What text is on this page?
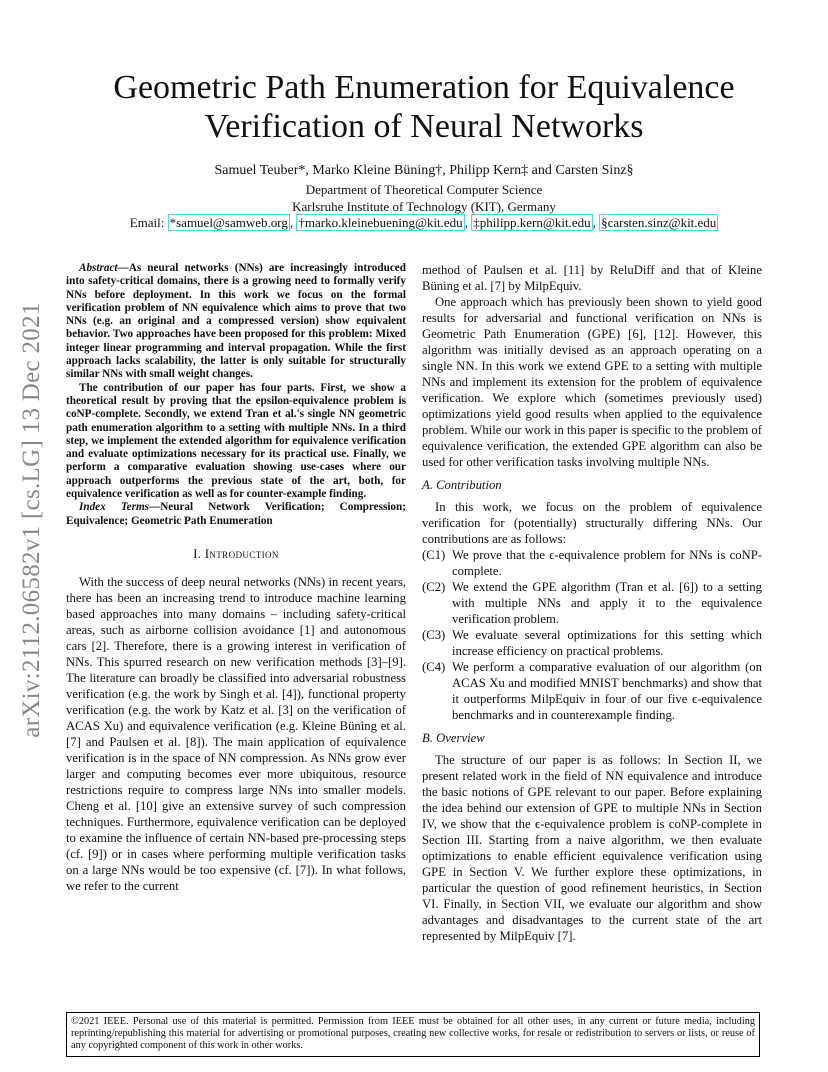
arXiv:2112.06582v1 [cs.LG] 13 Dec 2021
Geometric Path Enumeration for Equivalence Verification of Neural Networks
Samuel Teuber*, Marko Kleine Büning†, Philipp Kern‡ and Carsten Sinz§
Department of Theoretical Computer Science
Karlsruhe Institute of Technology (KIT), Germany
Email: *samuel@samweb.org , †marko.kleinebuening@kit.edu , ‡philipp.kern@kit.edu , §carsten.sinz@kit.edu

Abstract—As neural networks (NNs) are increasingly introduced into safety-critical domains, there is a growing need to formally verify NNs before deployment. In this work we focus on the formal verification problem of NN equivalence which aims to prove that two NNs (e.g. an original and a compressed version) show equivalent behavior. Two approaches have been proposed for this problem: Mixed integer linear programming and interval propagation. While the first approach lacks scalability, the latter is only suitable for structurally similar NNs with small weight changes.

The contribution of our paper has four parts. First, we show a theoretical result by proving that the epsilon-equivalence problem is coNP-complete. Secondly, we extend Tran et al.'s single NN geometric path enumeration algorithm to a setting with multiple NNs. In a third step, we implement the extended algorithm for equivalence verification and evaluate optimizations necessary for its practical use. Finally, we perform a comparative evaluation showing use-cases where our approach outperforms the previous state of the art, both, for equivalence verification as well as for counter-example finding.

Index Terms—Neural Network Verification; Compression; Equivalence; Geometric Path Enumeration

I. Introduction

With the success of deep neural networks (NNs) in recent years, there has been an increasing trend to introduce machine learning based approaches into many domains – including safety-critical areas, such as airborne collision avoidance [1] and autonomous cars [2]. Therefore, there is a growing interest in verification of NNs. This spurred research on new verification methods [3]–[9]. The literature can broadly be classified into adversarial robustness verification (e.g. the work by Singh et al. [4]), functional property verification (e.g. the work by Katz et al. [3] on the verification of ACAS Xu) and equivalence verification (e.g. Kleine Büning et al. [7] and Paulsen et al. [8]). The main application of equivalence verification is in the space of NN compression. As NNs grow ever larger and computing becomes ever more ubiquitous, resource restrictions require to compress large NNs into smaller models. Cheng et al. [10] give an extensive survey of such compression techniques. Furthermore, equivalence verification can be deployed to examine the influence of certain NN-based pre-processing steps (cf. [9]) or in cases where performing multiple verification tasks on a large NNs would be too expensive (cf. [7]). In what follows, we refer to the current

method of Paulsen et al. [11] by ReluDiff and that of Kleine Büning et al. [7] by MilpEquiv.

One approach which has previously been shown to yield good results for adversarial and functional verification on NNs is Geometric Path Enumeration (GPE) [6], [12]. However, this algorithm was initially devised as an approach operating on a single NN. In this work we extend GPE to a setting with multiple NNs and implement its extension for the problem of equivalence verification. We explore which (sometimes previously used) optimizations yield good results when applied to the equivalence problem. While our work in this paper is specific to the problem of equivalence verification, the extended GPE algorithm can also be used for other verification tasks involving multiple NNs.

A. Contribution

In this work, we focus on the problem of equivalence verification for (potentially) structurally differing NNs. Our contributions are as follows:

(C1) We prove that the ϵ-equivalence problem for NNs is coNP-complete.
(C2) We extend the GPE algorithm (Tran et al. [6]) to a setting with multiple NNs and apply it to the equivalence verification problem.
(C3) We evaluate several optimizations for this setting which increase efficiency on practical problems.
(C4) We perform a comparative evaluation of our algorithm (on ACAS Xu and modified MNIST benchmarks) and show that it outperforms MilpEquiv in four of our five ϵ-equivalence benchmarks and in counterexample finding.

B. Overview

The structure of our paper is as follows: In Section II, we present related work in the field of NN equivalence and introduce the basic notions of GPE relevant to our paper. Before explaining the idea behind our extension of GPE to multiple NNs in Section IV, we show that the ϵ-equivalence problem is coNP-complete in Section III. Starting from a naive algorithm, we then evaluate optimizations to enable efficient equivalence verification using GPE in Section V. We further explore these optimizations, in particular the question of good refinement heuristics, in Section VI. Finally, in Section VII, we evaluate our algorithm and show advantages and disadvantages to the current state of the art represented by MilpEquiv [7].

©2021 IEEE. Personal use of this material is permitted. Permission from IEEE must be obtained for all other uses, in any current or future media, including reprinting/republishing this material for advertising or promotional purposes, creating new collective works, for resale or redistribution to servers or lists, or reuse of any copyrighted component of this work in other works.
